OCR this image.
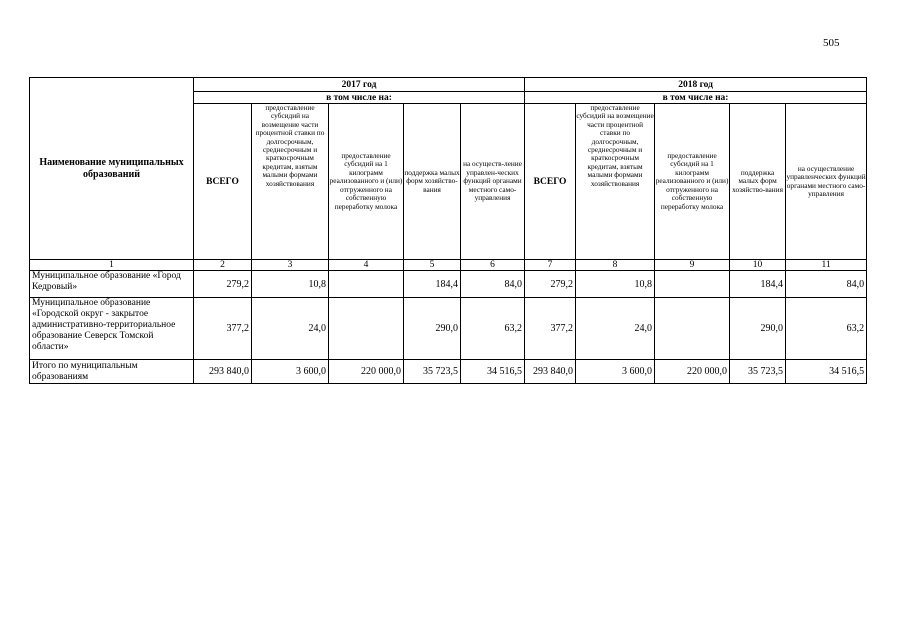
505
Наименование муниципальных образований	2017 год					2018 год				
	в том числе на:					в том числе на:				
	ВСЕГО	предоставление субсидий на возмещение части процентной ставки по долгосрочным, среднесрочным и краткосрочным кредитам, взятым малыми формами хозяйствования	предоставление субсидий на 1 килограмм реализованного и (или) отгруженного на собственную переработку молока	поддержка малых форм хозяйство-вания	на осуществ-ление управлен-ческих функций органами местного само-управления	ВСЕГО	предоставление субсидий на возмещение части процентной ставки по долгосрочным, среднесрочным и краткосрочным кредитам, взятым малыми формами хозяйствования	предоставление субсидий на 1 килограмм реализованного и (или) отгруженного на собственную переработку молока	поддержка малых форм хозяйство-вания	на осуществление управленческих функций органами местного само-управления
1	2	3	4	5	6	7	8	9	10	11
Муниципальное образование «Город Кедровый»	279,2	10,8		184,4	84,0	279,2	10,8		184,4	84,0
Муниципальное образование «Городской округ - закрытое административно-территориальное образование Северск Томской области»	377,2	24,0		290,0	63,2	377,2	24,0		290,0	63,2
Итого по муниципальным образованиям	293 840,0	3 600,0	220 000,0	35 723,5	34 516,5	293 840,0	3 600,0	220 000,0	35 723,5	34 516,5
